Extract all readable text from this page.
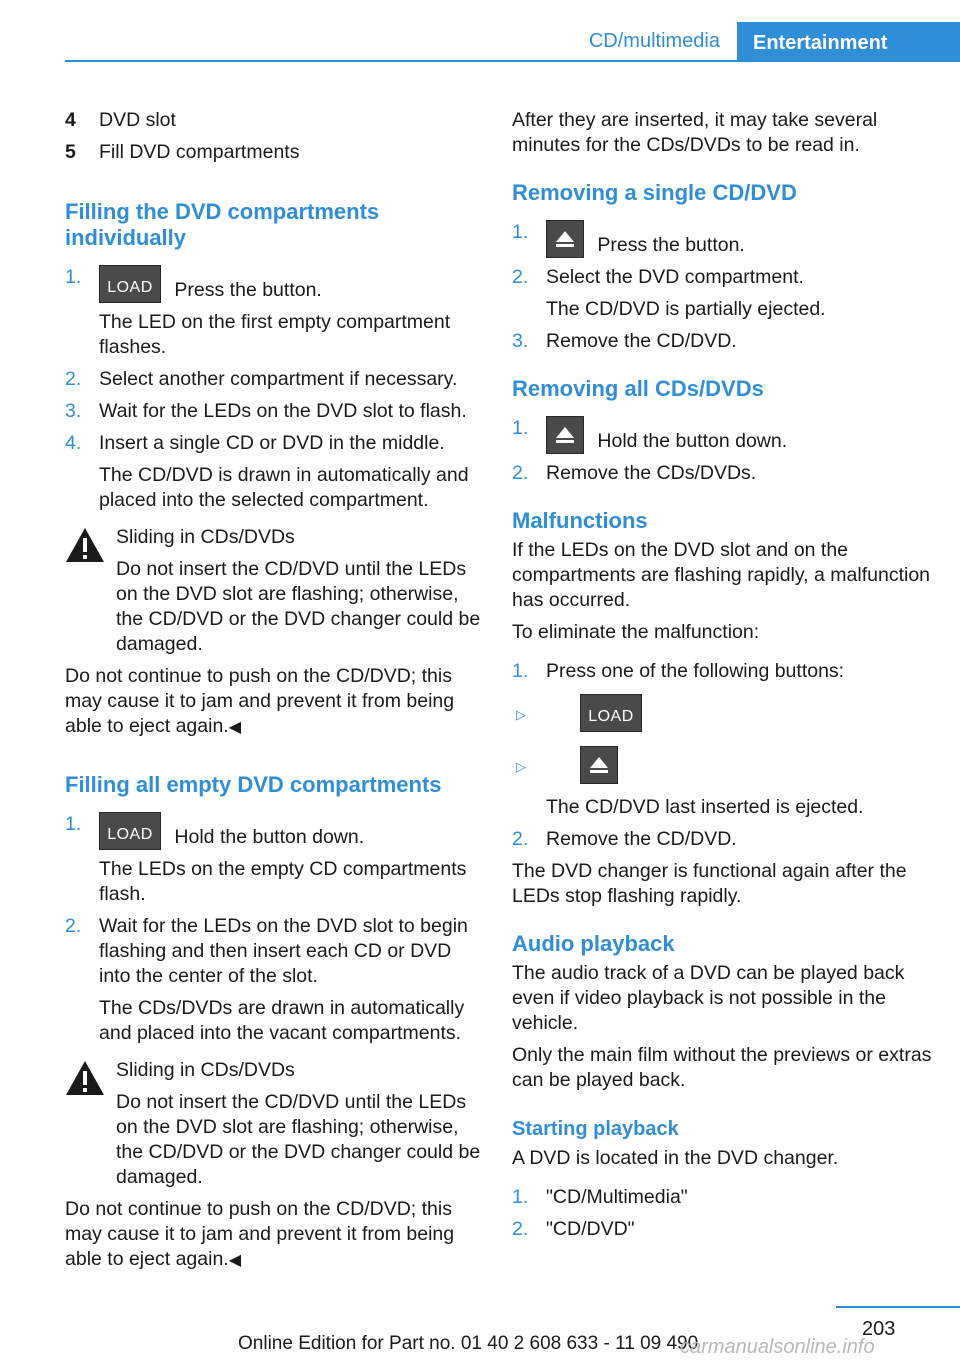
CD/multimedia Entertainment
4 DVD slot
5 Fill DVD compartments
Filling the DVD compartments individually
1.	LOAD	Press the button.
The LED on the first empty compartment flashes.
2. Select another compartment if necessary.
3. Wait for the LEDs on the DVD slot to flash.
4. Insert a single CD or DVD in the middle.
The CD/DVD is drawn in automatically and placed into the selected compartment.
Sliding in CDs/DVDs
Do not insert the CD/DVD until the LEDs on the DVD slot are flashing; otherwise, the CD/DVD or the DVD changer could be damaged.
Do not continue to push on the CD/DVD; this may cause it to jam and prevent it from being able to eject again.◀
Filling all empty DVD compartments
1.	LOAD	Hold the button down.
The LEDs on the empty CD compartments flash.
2. Wait for the LEDs on the DVD slot to begin flashing and then insert each CD or DVD into the center of the slot.
The CDs/DVDs are drawn in automatically and placed into the vacant compartments.
Sliding in CDs/DVDs
Do not insert the CD/DVD until the LEDs on the DVD slot are flashing; otherwise, the CD/DVD or the DVD changer could be damaged.
Do not continue to push on the CD/DVD; this may cause it to jam and prevent it from being able to eject again.◀
After they are inserted, it may take several minutes for the CDs/DVDs to be read in.
Removing a single CD/DVD
1.
Press the button.
2. Select the DVD compartment.
The CD/DVD is partially ejected.
3. Remove the CD/DVD.
Removing all CDs/DVDs
1.
Hold the button down.
2. Remove the CDs/DVDs.
Malfunctions
If the LEDs on the DVD slot and on the compartments are flashing rapidly, a malfunction has occurred.
To eliminate the malfunction:
1. Press one of the following buttons:
▷	LOAD
▷
The CD/DVD last inserted is ejected.
2. Remove the CD/DVD.
The DVD changer is functional again after the LEDs stop flashing rapidly.
Audio playback
The audio track of a DVD can be played back even if video playback is not possible in the vehicle.
Only the main film without the previews or extras can be played back.
Starting playback
A DVD is located in the DVD changer.
1. "CD/Multimedia"
2. "CD/DVD"
203
Online Edition for Part no. 01 40 2 608 633 - 11 09 490
carmanualsonline.info
